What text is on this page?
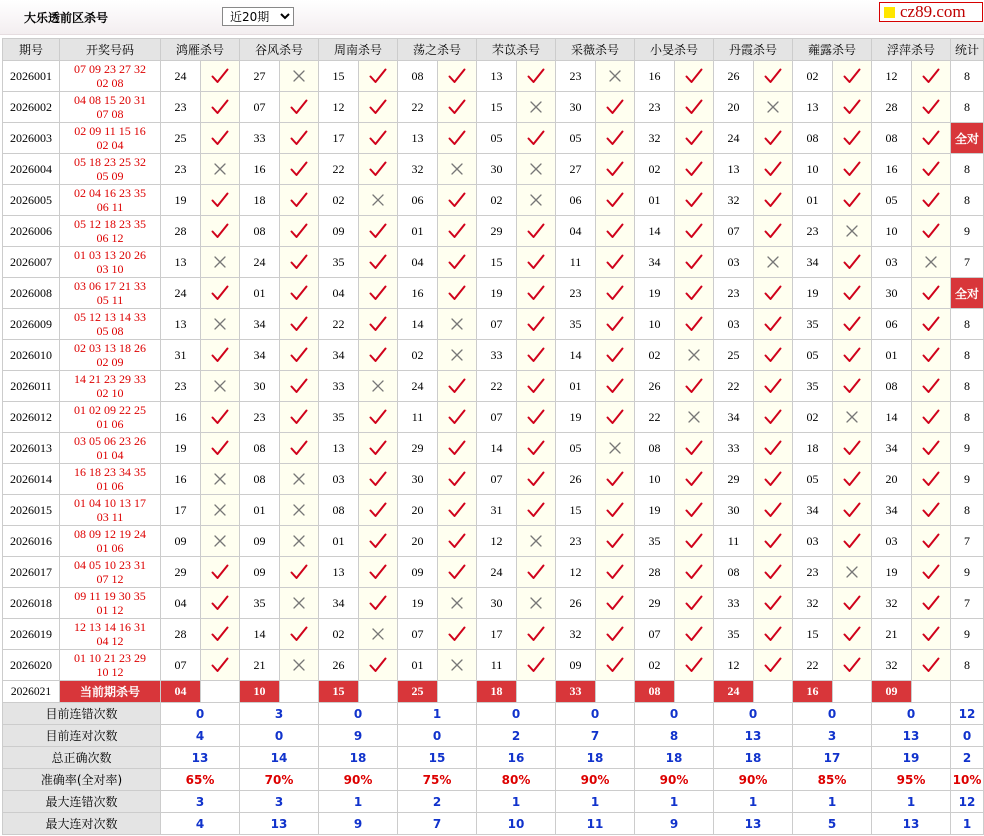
大乐透前区杀号
近20期	cz89.com
期号	开奖号码	鸿雁杀号		谷风杀号		周南杀号		荡之杀号		芣苡杀号		采薇杀号		小旻杀号		丹霞杀号		蕹露杀号		浮萍杀号		统计
2026001	07 09 23 27 32
02 08	24		27		15		08		13		23		16		26		02		12		8
2026002	04 08 15 20 31
07 08	23		07		12		22		15		30		23		20		13		28		8
2026003	02 09 11 15 16
02 04	25		33		17		13		05		05		32		24		08		08		全对
2026004	05 18 23 25 32
05 09	23		16		22		32		30		27		02		13		10		16		8
2026005	02 04 16 23 35
06 11	19		18		02		06		02		06		01		32		01		05		8
2026006	05 12 18 23 35
06 12	28		08		09		01		29		04		14		07		23		10		9
2026007	01 03 13 20 26
03 10	13		24		35		04		15		11		34		03		34		03		7
2026008	03 06 17 21 33
05 11	24		01		04		16		19		23		19		23		19		30		全对
2026009	05 12 13 14 33
05 08	13		34		22		14		07		35		10		03		35		06		8
2026010	02 03 13 18 26
02 09	31		34		34		02		33		14		02		25		05		01		8
2026011	14 21 23 29 33
02 10	23		30		33		24		22		01		26		22		35		08		8
2026012	01 02 09 22 25
01 06	16		23		35		11		07		19		22		34		02		14		8
2026013	03 05 06 23 26
01 04	19		08		13		29		14		05		08		33		18		34		9
2026014	16 18 23 34 35
01 06	16		08		03		30		07		26		10		29		05		20		9
2026015	01 04 10 13 17
03 11	17		01		08		20		31		15		19		30		34		34		8
2026016	08 09 12 19 24
01 06	09		09		01		20		12		23		35		11		03		03		7
2026017	04 05 10 23 31
07 12	29		09		13		09		24		12		28		08		23		19		9
2026018	09 11 19 30 35
01 12	04		35		34		19		30		26		29		33		32		32		7
2026019	12 13 14 16 31
04 12	28		14		02		07		17		32		07		35		15		21		9
2026020	01 10 21 23 29
10 12	07		21		26		01		11		09		02		12		22		32		8
2026021	当前期杀号	04		10		15		25		18		33		08		24		16		09		
目前连错次数		0		3		0		1		0		0		0		0		0		0		12
目前连对次数		4		0		9		0		2		7		8		13		3		13		0
总正确次数		13		14		18		15		16		18		18		18		17		19		2
准确率(全对率)		65%		70%		90%		75%		80%		90%		90%		90%		85%		95%		10%
最大连错次数		3		3		1		2		1		1		1		1		1		1		12
最大连对次数		4		13		9		7		10		11		9		13		5		13		1
